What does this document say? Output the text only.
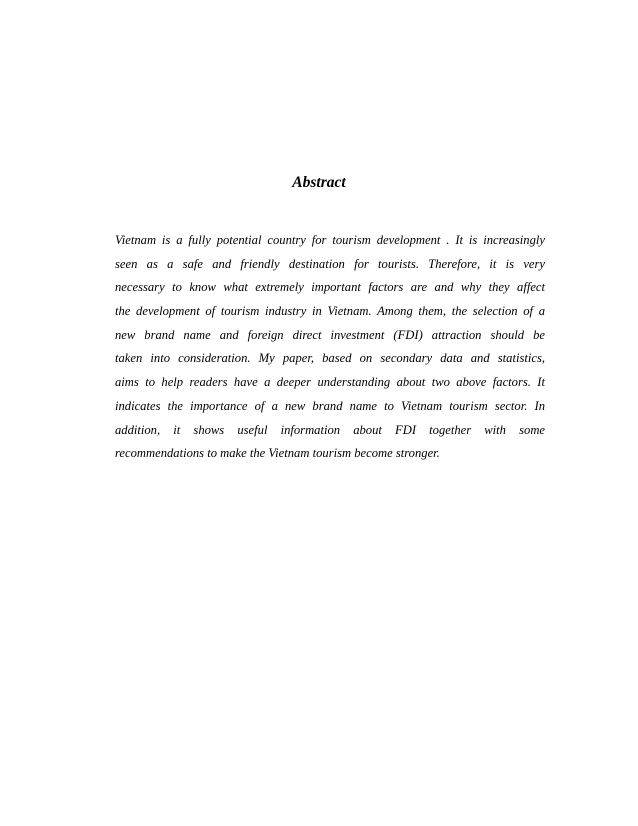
Abstract
Vietnam is a fully potential country for tourism development . It is increasingly
seen as a safe and friendly destination for tourists. Therefore, it is very
necessary to know what extremely important factors are and why they affect
the development of tourism industry in Vietnam. Among them, the selection of a
new brand name and foreign direct investment (FDI) attraction should be
taken into consideration. My paper, based on secondary data and statistics,
aims to help readers have a deeper understanding about two above factors. It
indicates the importance of a new brand name to Vietnam tourism sector. In
addition, it shows useful information about FDI together with some
recommendations to make the Vietnam tourism become stronger.
